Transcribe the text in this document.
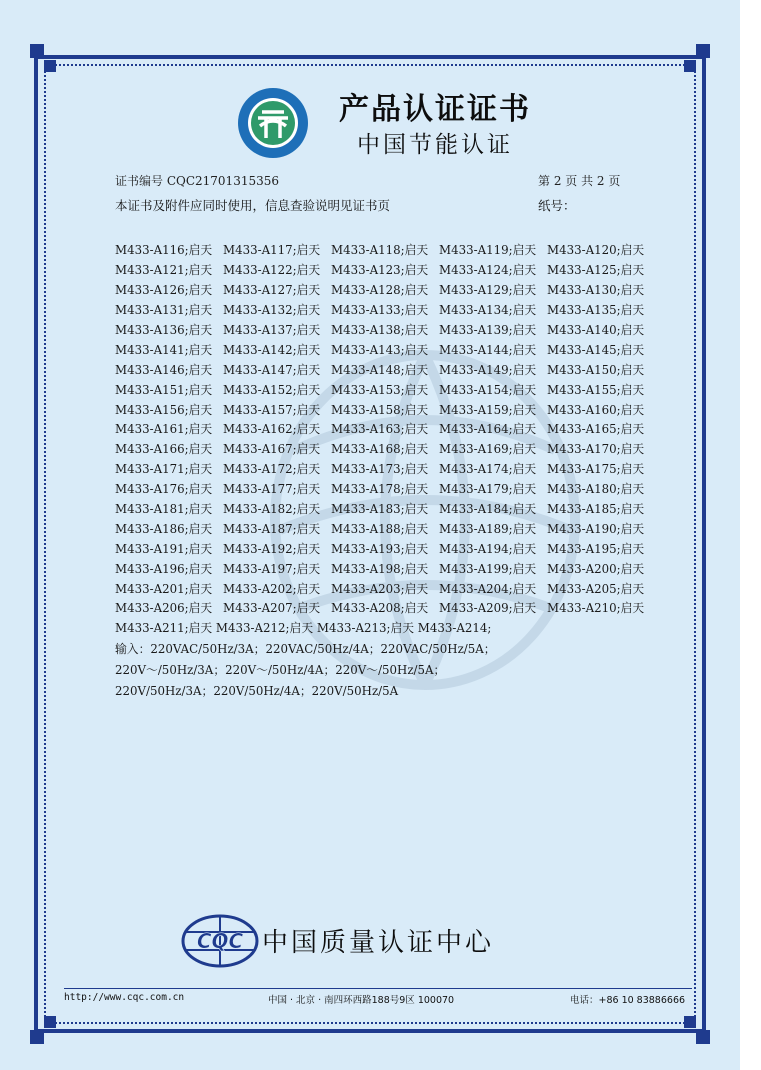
产品认证证书
中国节能认证
证书编号 CQC21701315356	第 2 页 共 2 页
本证书及附件应同时使用，信息查验说明见证书页	纸号：
M433-A116;启天 M433-A117;启天 M433-A118;启天 M433-A119;启天 M433-A120;启天
M433-A121;启天 M433-A122;启天 M433-A123;启天 M433-A124;启天 M433-A125;启天
M433-A126;启天 M433-A127;启天 M433-A128;启天 M433-A129;启天 M433-A130;启天
M433-A131;启天 M433-A132;启天 M433-A133;启天 M433-A134;启天 M433-A135;启天
M433-A136;启天 M433-A137;启天 M433-A138;启天 M433-A139;启天 M433-A140;启天
M433-A141;启天 M433-A142;启天 M433-A143;启天 M433-A144;启天 M433-A145;启天
M433-A146;启天 M433-A147;启天 M433-A148;启天 M433-A149;启天 M433-A150;启天
M433-A151;启天 M433-A152;启天 M433-A153;启天 M433-A154;启天 M433-A155;启天
M433-A156;启天 M433-A157;启天 M433-A158;启天 M433-A159;启天 M433-A160;启天
M433-A161;启天 M433-A162;启天 M433-A163;启天 M433-A164;启天 M433-A165;启天
M433-A166;启天 M433-A167;启天 M433-A168;启天 M433-A169;启天 M433-A170;启天
M433-A171;启天 M433-A172;启天 M433-A173;启天 M433-A174;启天 M433-A175;启天
M433-A176;启天 M433-A177;启天 M433-A178;启天 M433-A179;启天 M433-A180;启天
M433-A181;启天 M433-A182;启天 M433-A183;启天 M433-A184;启天 M433-A185;启天
M433-A186;启天 M433-A187;启天 M433-A188;启天 M433-A189;启天 M433-A190;启天
M433-A191;启天 M433-A192;启天 M433-A193;启天 M433-A194;启天 M433-A195;启天
M433-A196;启天 M433-A197;启天 M433-A198;启天 M433-A199;启天 M433-A200;启天
M433-A201;启天 M433-A202;启天 M433-A203;启天 M433-A204;启天 M433-A205;启天
M433-A206;启天 M433-A207;启天 M433-A208;启天 M433-A209;启天 M433-A210;启天
M433-A211;启天 M433-A212;启天 M433-A213;启天 M433-A214;
输入：220VAC/50Hz/3A；220VAC/50Hz/4A；220VAC/50Hz/5A；
220V～/50Hz/3A；220V～/50Hz/4A；220V～/50Hz/5A；
220V/50Hz/3A；220V/50Hz/4A；220V/50Hz/5A
CQC 中国质量认证中心
http://www.cqc.com.cn	中国 · 北京 · 南四环西路188号9区 100070	电话：+86 10 83886666
